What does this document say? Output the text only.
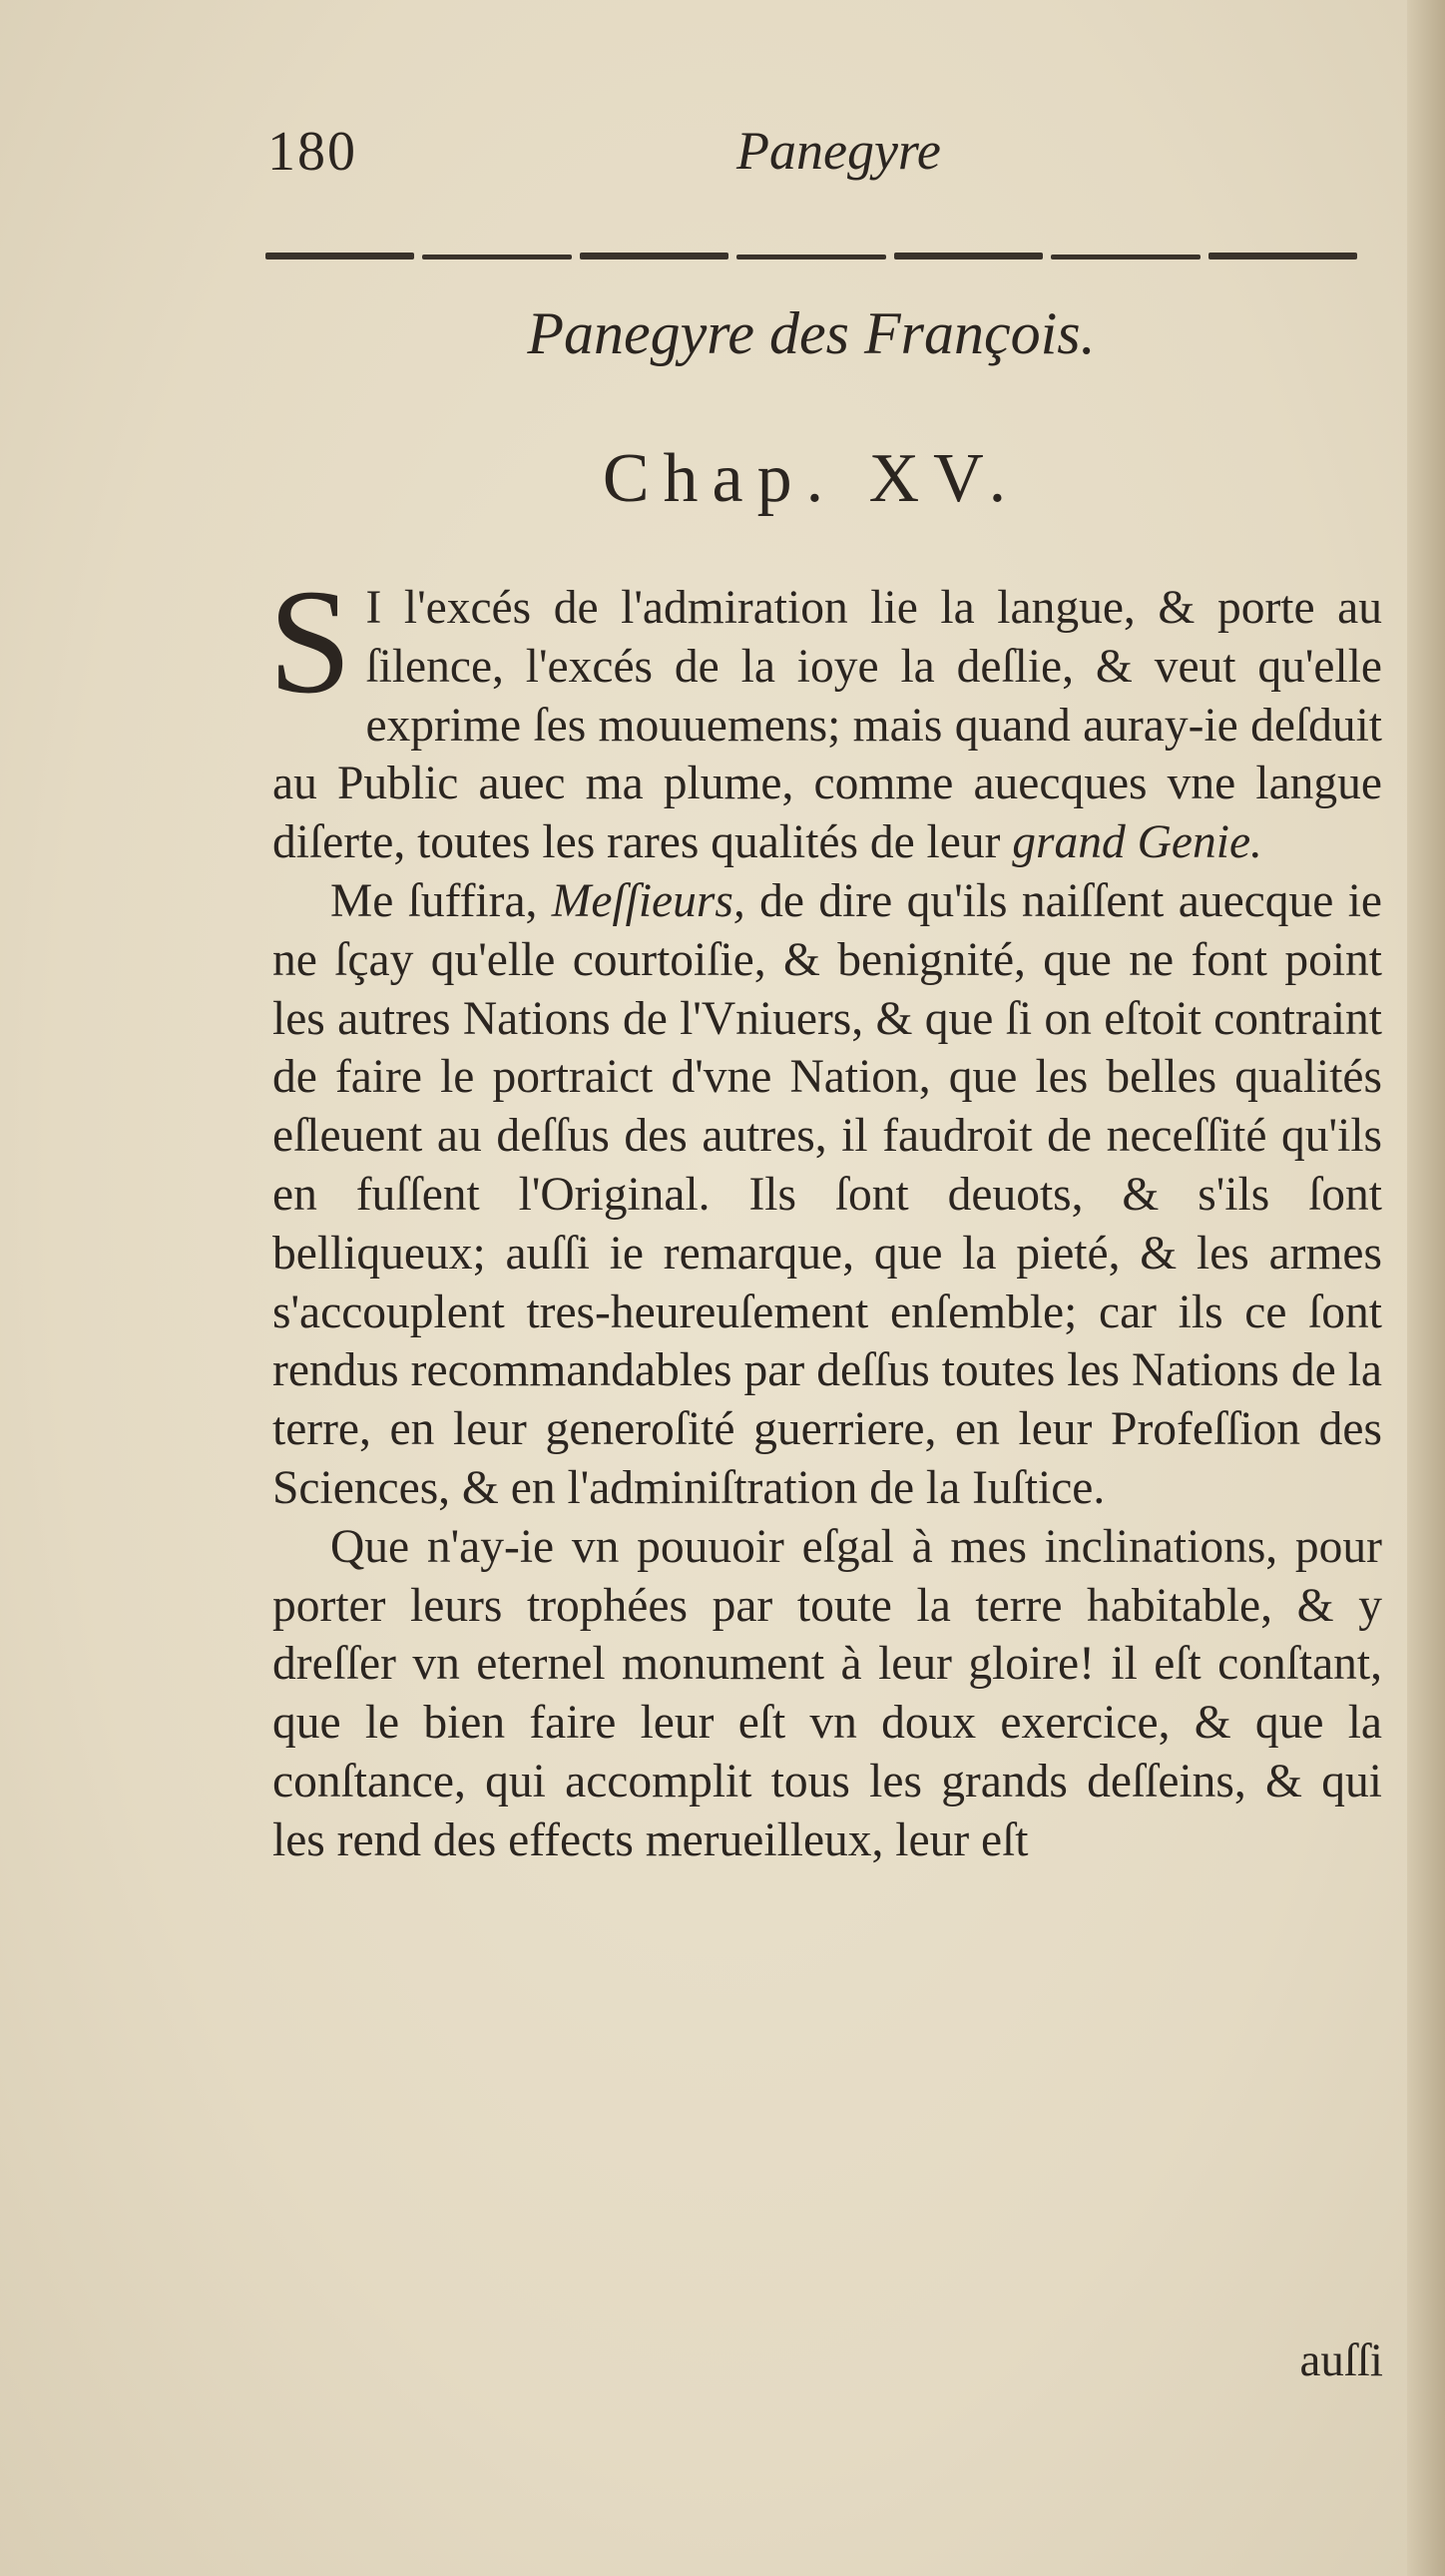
180	Panegyre
Panegyre des François.
Chap. XV.

S I l'excés de l'admiration lie la langue, & porte au ſilence, l'excés de la ioye la deſlie, & veut qu'elle exprime ſes mouuemens; mais quand auray-ie deſduit au Public auec ma plume, comme auecques vne langue diſerte, toutes les rares qualités de leur grand Genie.

Me ſuffira, Meſſieurs, de dire qu'ils naiſſent auecque ie ne ſçay qu'elle courtoiſie, & benignité, que ne font point les autres Nations de l'Vniuers, & que ſi on eſtoit contraint de faire le portraict d'vne Nation, que les belles qualités eſleuent au deſſus des autres, il faudroit de neceſſité qu'ils en fuſſent l'Original. Ils ſont deuots, & s'ils ſont belliqueux; auſſi ie remarque, que la pieté, & les armes s'accouplent tres-heureuſement enſemble; car ils ce ſont rendus recommandables par deſſus toutes les Nations de la terre, en leur generoſité guerriere, en leur Profeſſion des Sciences, & en l'adminiſtration de la Iuſtice.

Que n'ay-ie vn pouuoir eſgal à mes inclinations, pour porter leurs trophées par toute la terre habitable, & y dreſſer vn eternel monument à leur gloire! il eſt conſtant, que le bien faire leur eſt vn doux exercice, & que la conſtance, qui accomplit tous les grands deſſeins, & qui les rend des effects merueilleux, leur eſt

auſſi
